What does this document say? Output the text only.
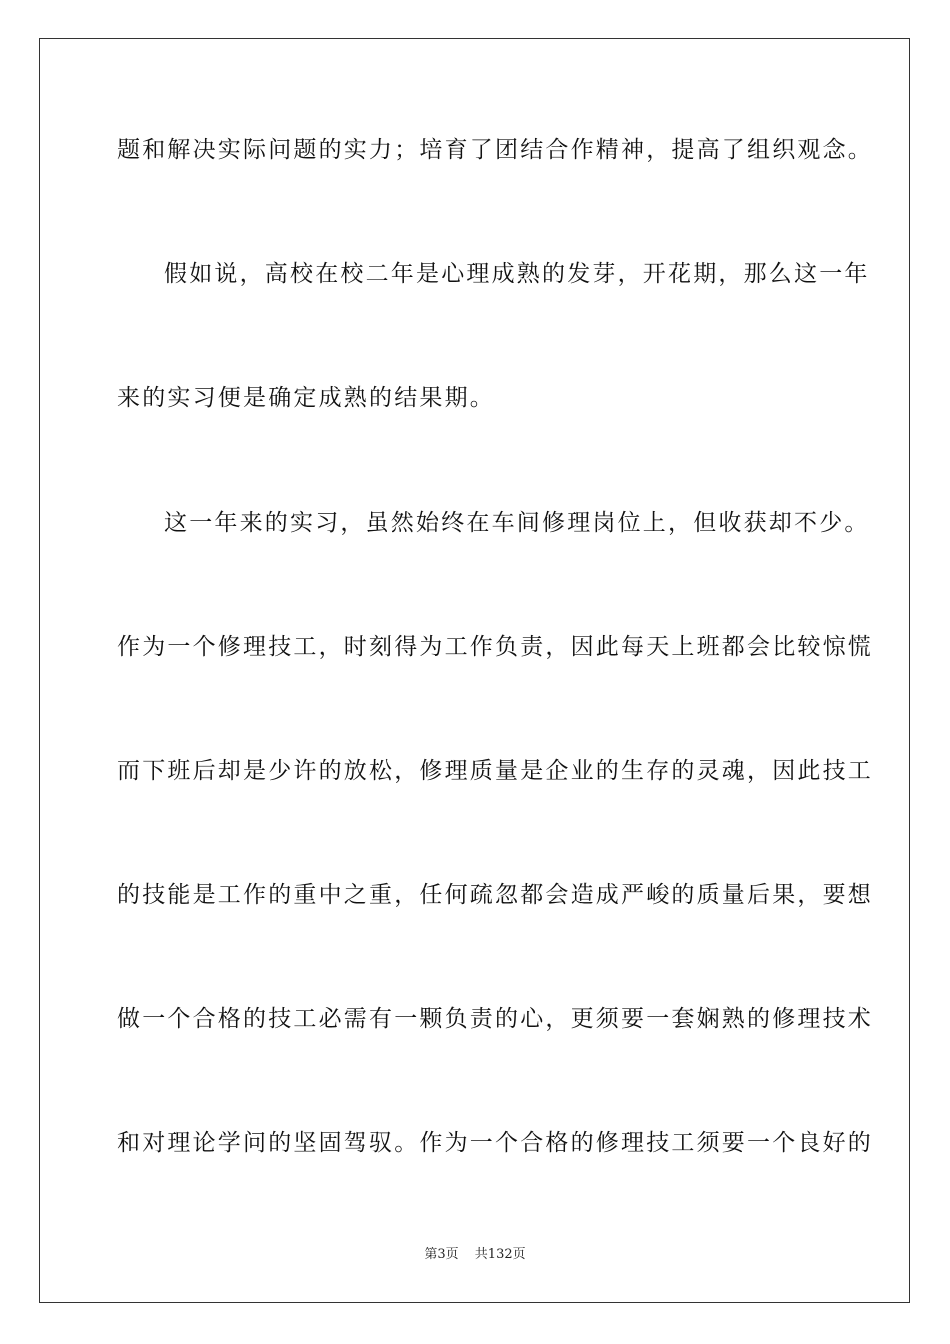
题和解决实际问题的实力；培育了团结合作精神，提高了组织观念。
假如说，高校在校二年是心理成熟的发芽，开花期，那么这一年
来的实习便是确定成熟的结果期。
这一年来的实习，虽然始终在车间修理岗位上，但收获却不少。
作为一个修理技工，时刻得为工作负责，因此每天上班都会比较惊慌
而下班后却是少许的放松，修理质量是企业的生存的灵魂，因此技工
的技能是工作的重中之重，任何疏忽都会造成严峻的质量后果，要想
做一个合格的技工必需有一颗负责的心，更须要一套娴熟的修理技术
和对理论学问的坚固驾驭。作为一个合格的修理技工须要一个良好的
第3页 共132页
